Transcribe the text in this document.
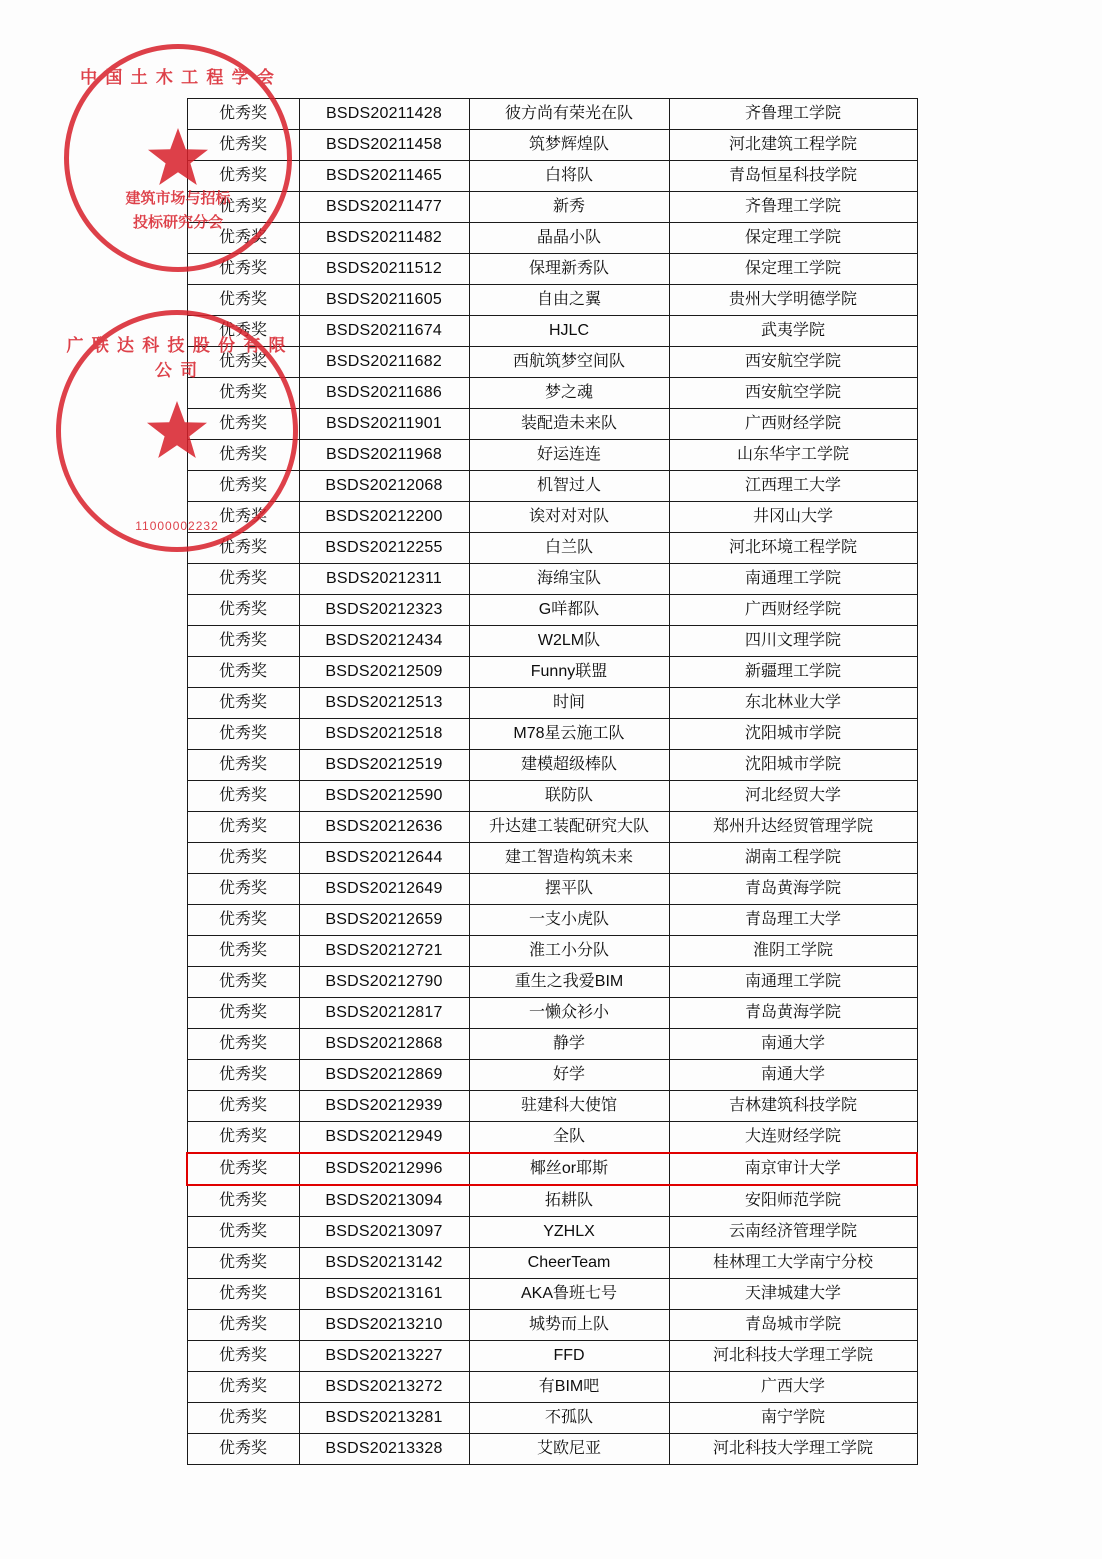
优秀奖	BSDS20211428	彼方尚有荣光在队	齐鲁理工学院
优秀奖	BSDS20211458	筑梦辉煌队	河北建筑工程学院
优秀奖	BSDS20211465	白将队	青岛恒星科技学院
优秀奖	BSDS20211477	新秀	齐鲁理工学院
优秀奖	BSDS20211482	晶晶小队	保定理工学院
优秀奖	BSDS20211512	保理新秀队	保定理工学院
优秀奖	BSDS20211605	自由之翼	贵州大学明德学院
优秀奖	BSDS20211674	HJLC	武夷学院
优秀奖	BSDS20211682	西航筑梦空间队	西安航空学院
优秀奖	BSDS20211686	梦之魂	西安航空学院
优秀奖	BSDS20211901	装配造未来队	广西财经学院
优秀奖	BSDS20211968	好运连连	山东华宇工学院
优秀奖	BSDS20212068	机智过人	江西理工大学
优秀奖	BSDS20212200	诶对对对队	井冈山大学
优秀奖	BSDS20212255	白兰队	河北环境工程学院
优秀奖	BSDS20212311	海绵宝队	南通理工学院
优秀奖	BSDS20212323	G咩都队	广西财经学院
优秀奖	BSDS20212434	W2LM队	四川文理学院
优秀奖	BSDS20212509	Funny联盟	新疆理工学院
优秀奖	BSDS20212513	时间	东北林业大学
优秀奖	BSDS20212518	M78星云施工队	沈阳城市学院
优秀奖	BSDS20212519	建模超级棒队	沈阳城市学院
优秀奖	BSDS20212590	联防队	河北经贸大学
优秀奖	BSDS20212636	升达建工装配研究大队	郑州升达经贸管理学院
优秀奖	BSDS20212644	建工智造构筑未来	湖南工程学院
优秀奖	BSDS20212649	摆平队	青岛黄海学院
优秀奖	BSDS20212659	一支小虎队	青岛理工大学
优秀奖	BSDS20212721	淮工小分队	淮阴工学院
优秀奖	BSDS20212790	重生之我爱BIM	南通理工学院
优秀奖	BSDS20212817	一懒众衫小	青岛黄海学院
优秀奖	BSDS20212868	静学	南通大学
优秀奖	BSDS20212869	好学	南通大学
优秀奖	BSDS20212939	驻建科大使馆	吉林建筑科技学院
优秀奖	BSDS20212949	全队	大连财经学院
优秀奖	BSDS20212996	椰丝or耶斯	南京审计大学
优秀奖	BSDS20213094	拓耕队	安阳师范学院
优秀奖	BSDS20213097	YZHLX	云南经济管理学院
优秀奖	BSDS20213142	CheerTeam	桂林理工大学南宁分校
优秀奖	BSDS20213161	AKA鲁班七号	天津城建大学
优秀奖	BSDS20213210	城势而上队	青岛城市学院
优秀奖	BSDS20213227	FFD	河北科技大学理工学院
优秀奖	BSDS20213272	有BIM吧	广西大学
优秀奖	BSDS20213281	不孤队	南宁学院
优秀奖	BSDS20213328	艾欧尼亚	河北科技大学理工学院
中 国 土 木 工 程 学 会
建筑市场与招标
投标研究分会
广 联 达 科 技 股 份 有 限 公 司
11000002232
